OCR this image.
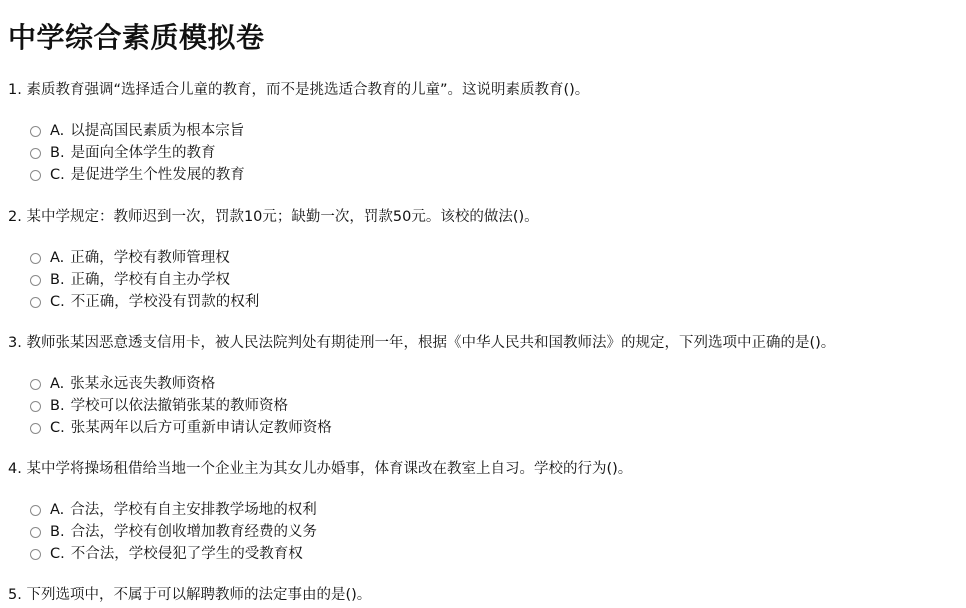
中学综合素质模拟卷
1. 素质教育强调“选择适合儿童的教育，而不是挑选适合教育的儿童”。这说明素质教育()。
A. 以提高国民素质为根本宗旨
B. 是面向全体学生的教育
C. 是促进学生个性发展的教育
2. 某中学规定：教师迟到一次，罚款10元；缺勤一次，罚款50元。该校的做法()。
A. 正确，学校有教师管理权
B. 正确，学校有自主办学权
C. 不正确，学校没有罚款的权利
3. 教师张某因恶意透支信用卡，被人民法院判处有期徒刑一年，根据《中华人民共和国教师法》的规定，下列选项中正确的是()。
A. 张某永远丧失教师资格
B. 学校可以依法撤销张某的教师资格
C. 张某两年以后方可重新申请认定教师资格
4. 某中学将操场租借给当地一个企业主为其女儿办婚事，体育课改在教室上自习。学校的行为()。
A. 合法，学校有自主安排教学场地的权利
B. 合法，学校有创收增加教育经费的义务
C. 不合法，学校侵犯了学生的受教育权
5. 下列选项中，不属于可以解聘教师的法定事由的是()。
